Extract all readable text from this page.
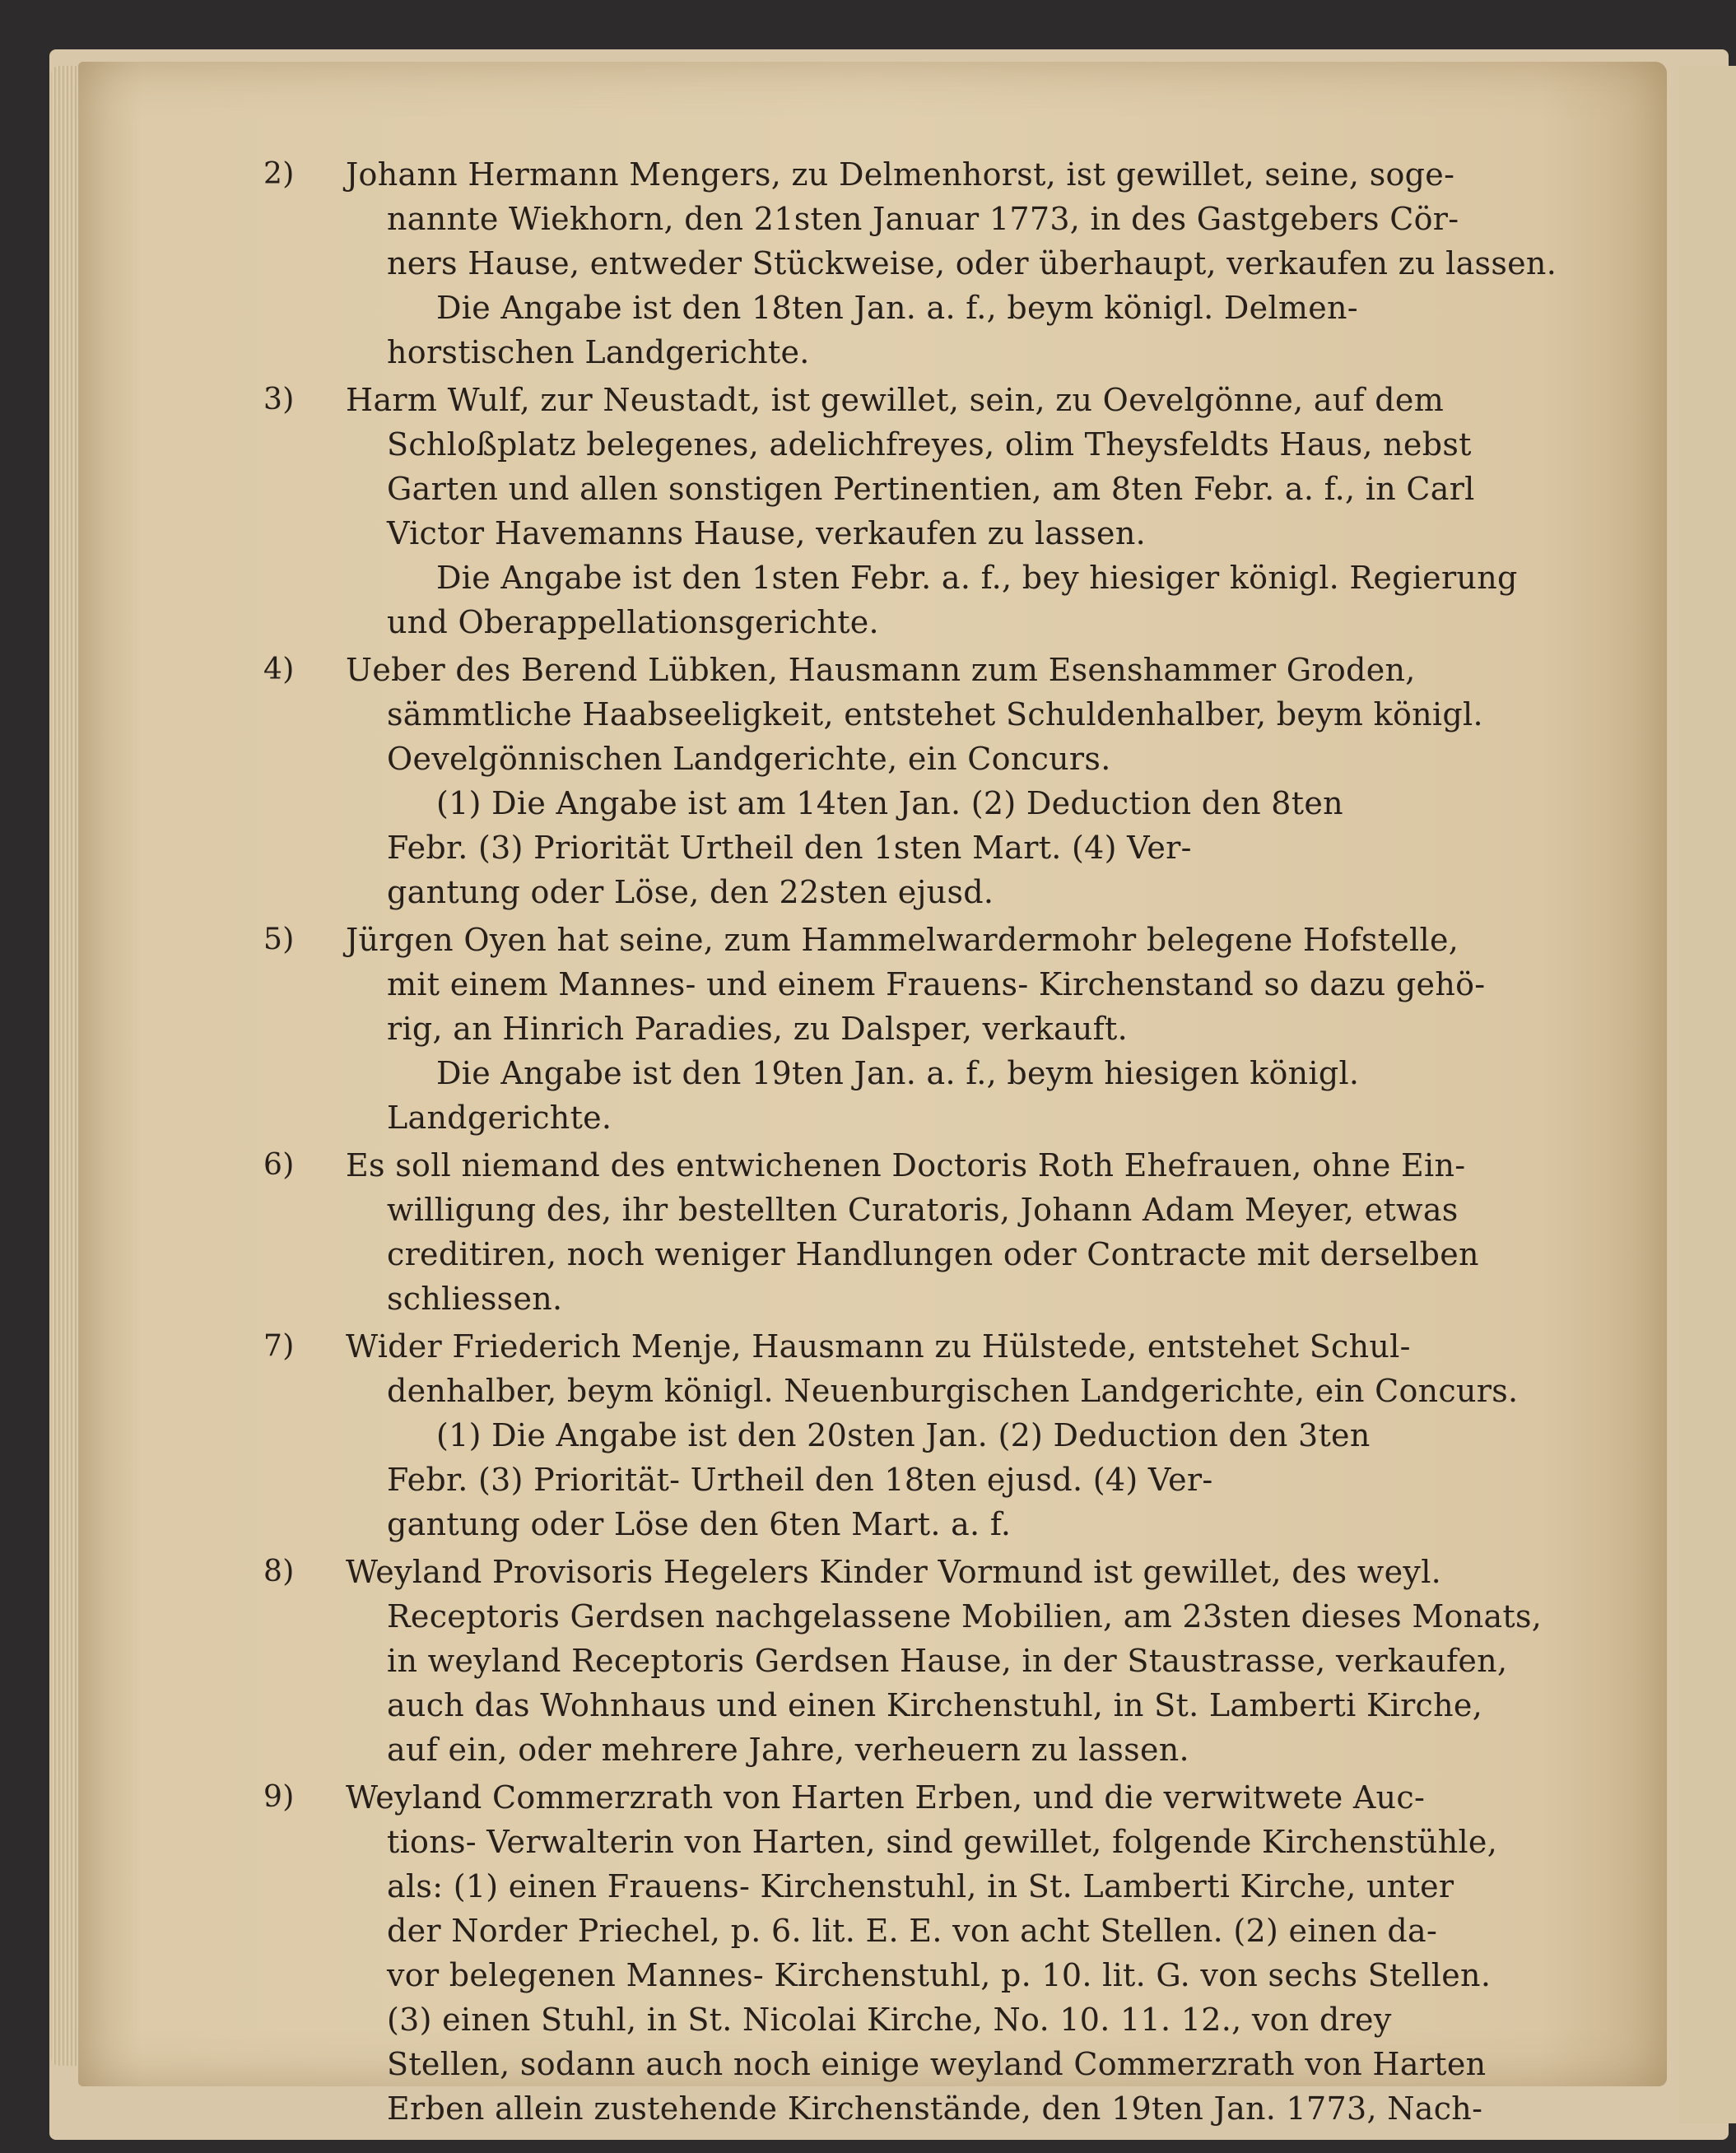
2)	Johann Hermann Mengers, zu Delmenhorst, ist gewillet, seine, soge-
nannte Wiekhorn, den 21sten Januar 1773, in des Gastgebers Cör-
ners Hause, entweder Stückweise, oder überhaupt, verkaufen zu lassen.
Die Angabe ist den 18ten Jan. a. f., beym königl. Delmen-
horstischen Landgerichte.
3)	Harm Wulf, zur Neustadt, ist gewillet, sein, zu Oevelgönne, auf dem
Schloßplatz belegenes, adelichfreyes, olim Theysfeldts Haus, nebst
Garten und allen sonstigen Pertinentien, am 8ten Febr. a. f., in Carl
Victor Havemanns Hause, verkaufen zu lassen.
Die Angabe ist den 1sten Febr. a. f., bey hiesiger königl. Regierung
und Oberappellationsgerichte.
4)	Ueber des Berend Lübken, Hausmann zum Esenshammer Groden,
sämmtliche Haabseeligkeit, entstehet Schuldenhalber, beym königl.
Oevelgönnischen Landgerichte, ein Concurs.
(1) Die Angabe ist am 14ten Jan. (2) Deduction den 8ten
Febr. (3) Priorität Urtheil den 1sten Mart. (4) Ver-
gantung oder Löse, den 22sten ejusd.
5)	Jürgen Oyen hat seine, zum Hammelwardermohr belegene Hofstelle,
mit einem Mannes- und einem Frauens- Kirchenstand so dazu gehö-
rig, an Hinrich Paradies, zu Dalsper, verkauft.
Die Angabe ist den 19ten Jan. a. f., beym hiesigen königl.
Landgerichte.
6)	Es soll niemand des entwichenen Doctoris Roth Ehefrauen, ohne Ein-
willigung des, ihr bestellten Curatoris, Johann Adam Meyer, etwas
creditiren, noch weniger Handlungen oder Contracte mit derselben
schliessen.
7)	Wider Friederich Menje, Hausmann zu Hülstede, entstehet Schul-
denhalber, beym königl. Neuenburgischen Landgerichte, ein Concurs.
(1) Die Angabe ist den 20sten Jan. (2) Deduction den 3ten
Febr. (3) Priorität- Urtheil den 18ten ejusd. (4) Ver-
gantung oder Löse den 6ten Mart. a. f.
8)	Weyland Provisoris Hegelers Kinder Vormund ist gewillet, des weyl.
Receptoris Gerdsen nachgelassene Mobilien, am 23sten dieses Monats,
in weyland Receptoris Gerdsen Hause, in der Staustrasse, verkaufen,
auch das Wohnhaus und einen Kirchenstuhl, in St. Lamberti Kirche,
auf ein, oder mehrere Jahre, verheuern zu lassen.
9)	Weyland Commerzrath von Harten Erben, und die verwitwete Auc-
tions- Verwalterin von Harten, sind gewillet, folgende Kirchenstühle,
als: (1) einen Frauens- Kirchenstuhl, in St. Lamberti Kirche, unter
der Norder Priechel, p. 6. lit. E. E. von acht Stellen. (2) einen da-
vor belegenen Mannes- Kirchenstuhl, p. 10. lit. G. von sechs Stellen.
(3) einen Stuhl, in St. Nicolai Kirche, No. 10. 11. 12., von drey
Stellen, sodann auch noch einige weyland Commerzrath von Harten
Erben allein zustehende Kirchenstände, den 19ten Jan. 1773, Nach-
